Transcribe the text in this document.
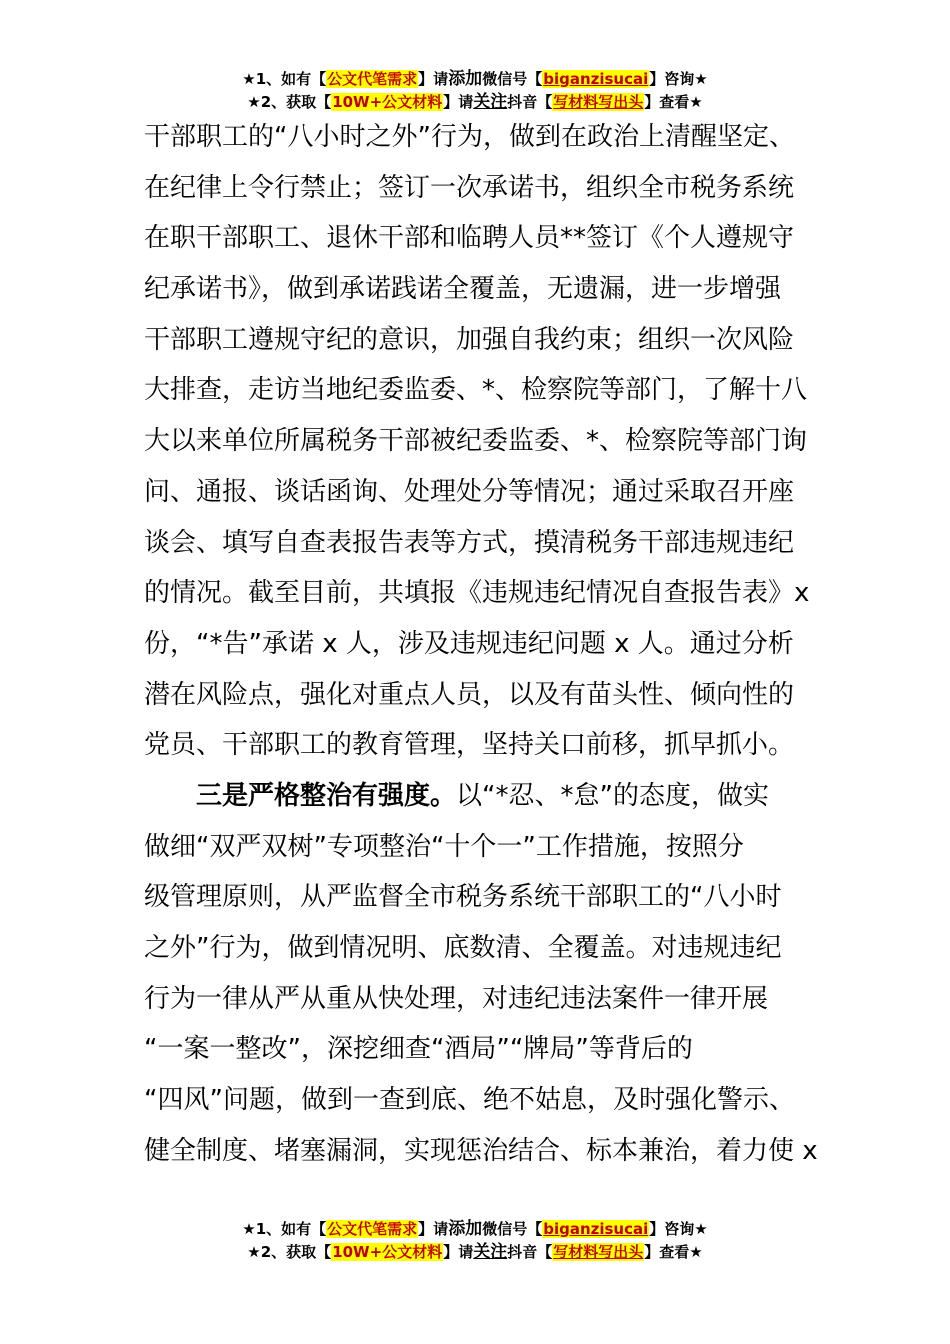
★1、如有【公文代笔需求】请添加微信号【biganzisucai】咨询★
★2、获取【10W+公文材料】请关注抖音【写材料写出头】查看★
干部职工的“八小时之外”行为，做到在政治上清醒坚定、
在纪律上令行禁止；签订一次承诺书，组织全市税务系统
在职干部职工、退休干部和临聘人员**签订《个人遵规守
纪承诺书》，做到承诺践诺全覆盖，无遗漏，进一步增强
干部职工遵规守纪的意识，加强自我约束；组织一次风险
大排查，走访当地纪委监委、*、检察院等部门，了解十八
大以来单位所属税务干部被纪委监委、*、检察院等部门询
问、通报、谈话函询、处理处分等情况；通过采取召开座
谈会、填写自查表报告表等方式，摸清税务干部违规违纪
的情况。截至目前，共填报《违规违纪情况自查报告表》x
份，“*告”承诺 x 人，涉及违规违纪问题 x 人。通过分析
潜在风险点，强化对重点人员，以及有苗头性、倾向性的
党员、干部职工的教育管理，坚持关口前移，抓早抓小。
三是严格整治有强度。以“*忍、*怠”的态度，做实
做细“双严双树”专项整治“十个一”工作措施，按照分
级管理原则，从严监督全市税务系统干部职工的“八小时
之外”行为，做到情况明、底数清、全覆盖。对违规违纪
行为一律从严从重从快处理，对违纪违法案件一律开展
“一案一整改”，深挖细查“酒局”“牌局”等背后的
“四风”问题，做到一查到底、绝不姑息，及时强化警示、
健全制度、堵塞漏洞，实现惩治结合、标本兼治，着力使 x
★1、如有【公文代笔需求】请添加微信号【biganzisucai】咨询★
★2、获取【10W+公文材料】请关注抖音【写材料写出头】查看★
